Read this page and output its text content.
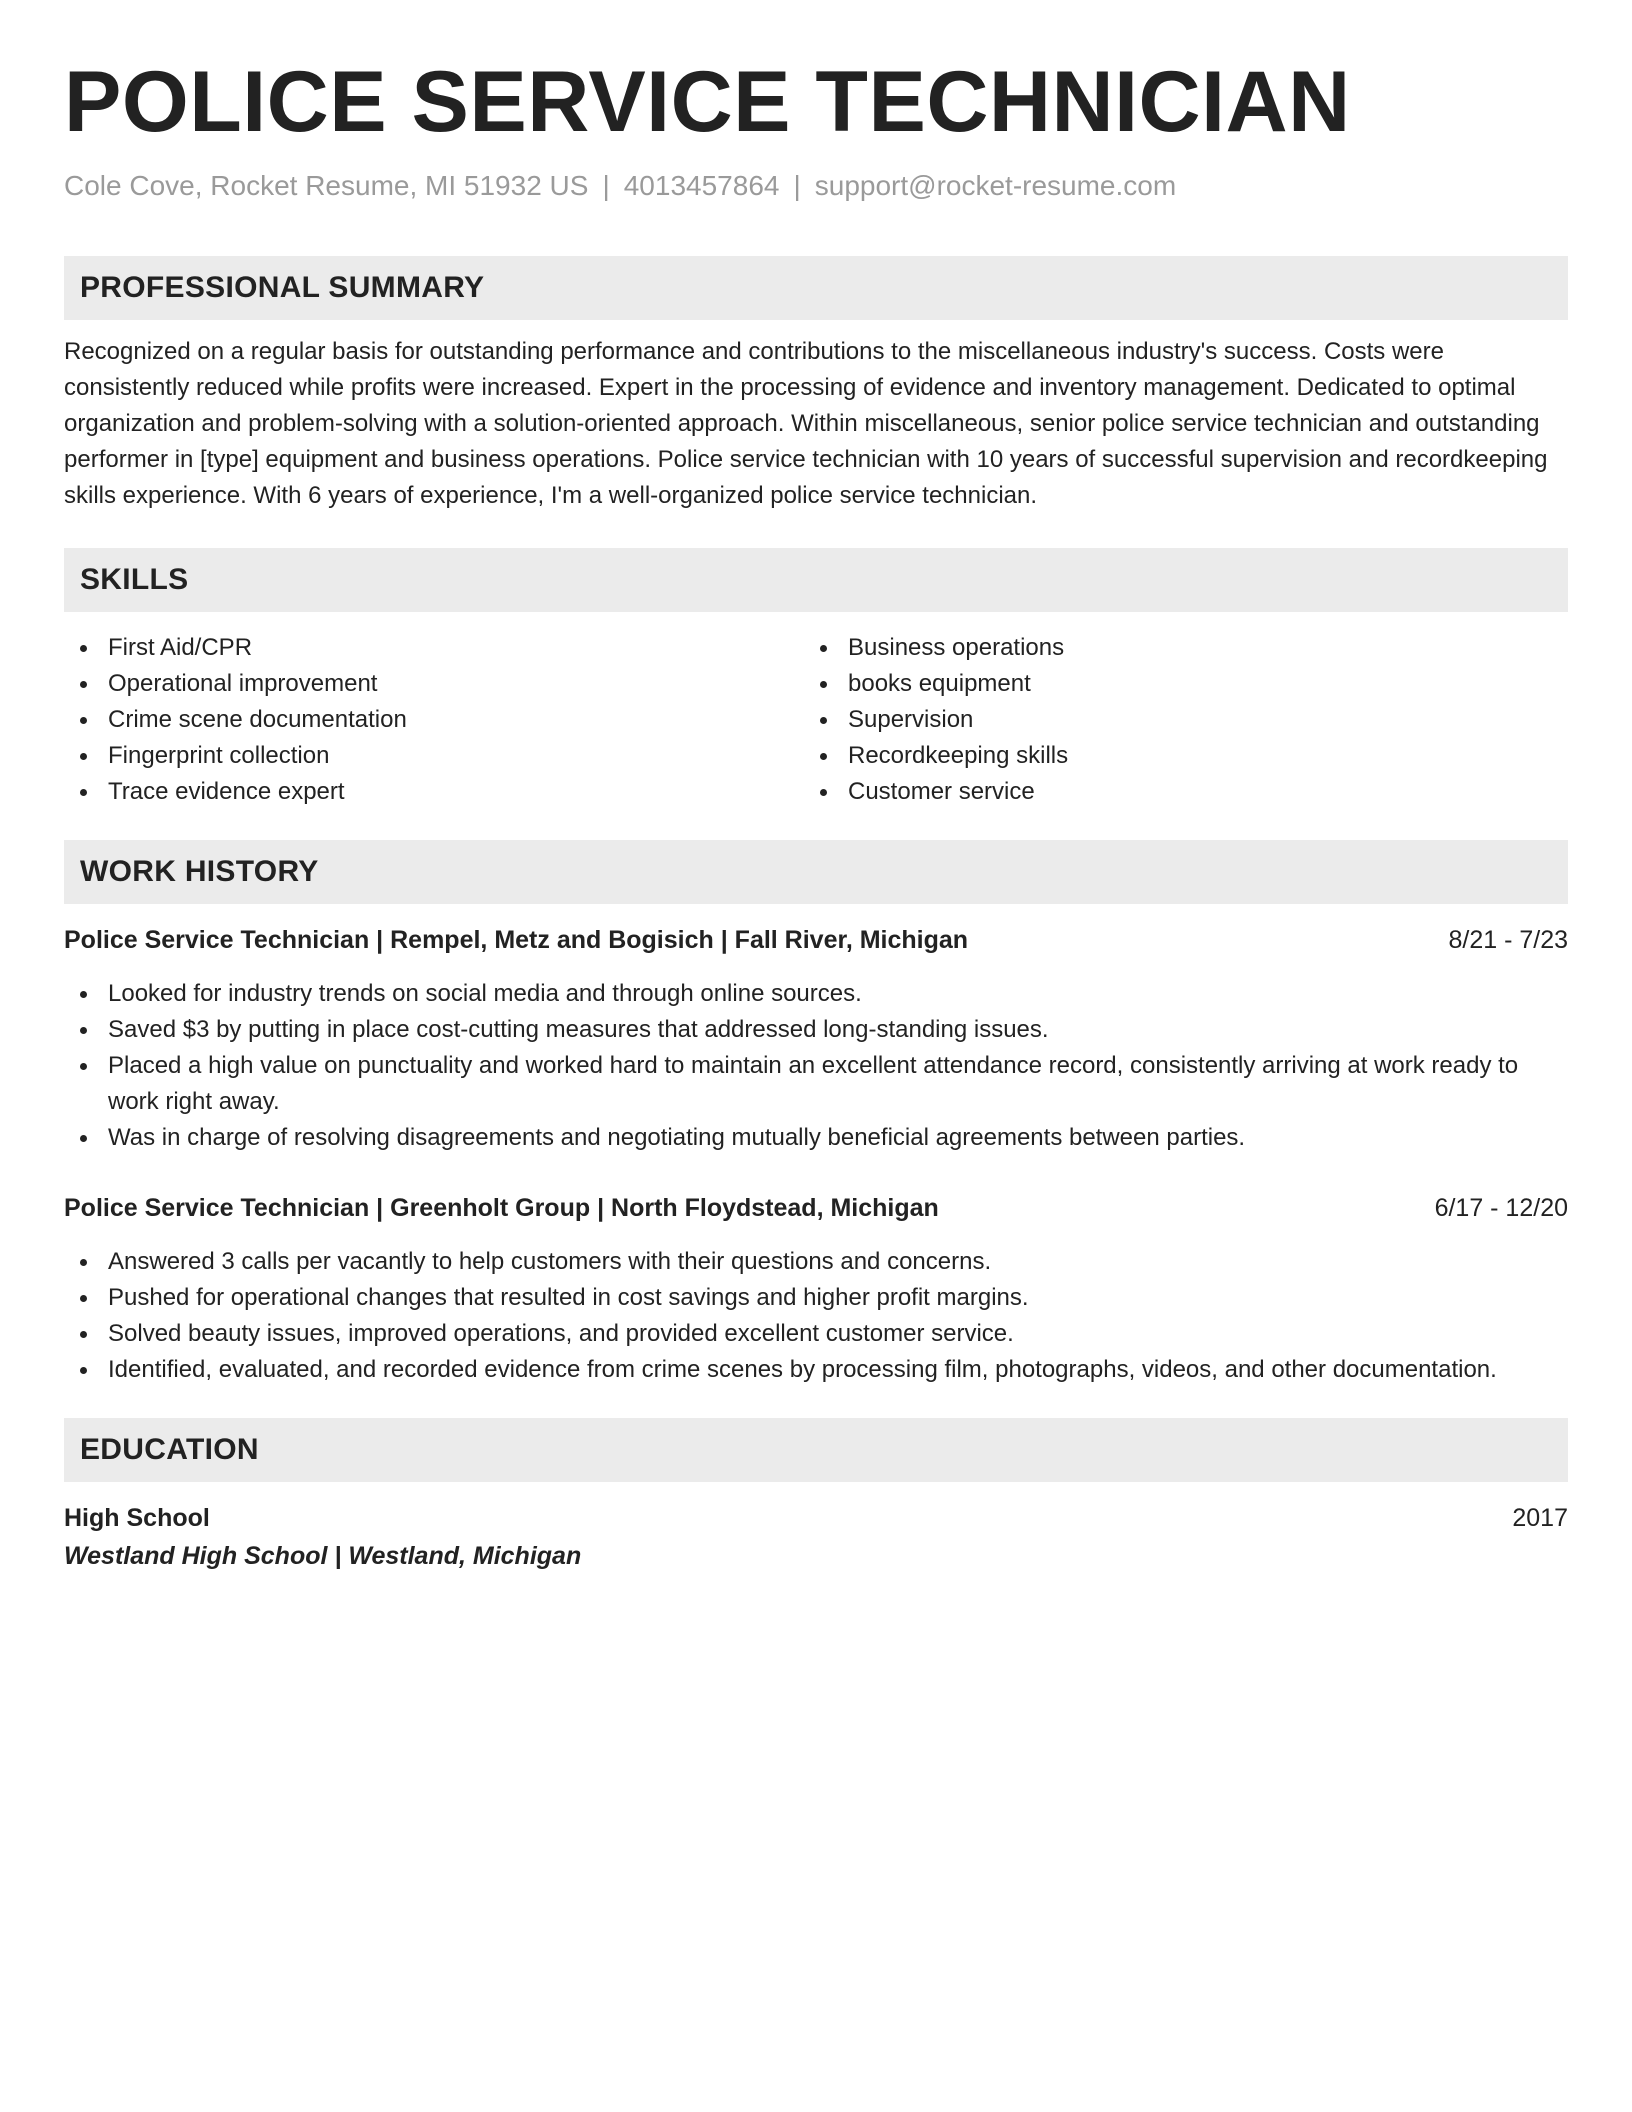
POLICE SERVICE TECHNICIAN
Cole Cove, Rocket Resume, MI 51932 US | 4013457864 | support@rocket-resume.com
PROFESSIONAL SUMMARY

Recognized on a regular basis for outstanding performance and contributions to the miscellaneous industry's success. Costs were consistently reduced while profits were increased. Expert in the processing of evidence and inventory management. Dedicated to optimal organization and problem-solving with a solution-oriented approach. Within miscellaneous, senior police service technician and outstanding performer in [type] equipment and business operations. Police service technician with 10 years of successful supervision and recordkeeping skills experience. With 6 years of experience, I'm a well-organized police service technician.

SKILLS
First Aid/CPR
Operational improvement
Crime scene documentation
Fingerprint collection
Trace evidence expert
Business operations
books equipment
Supervision
Recordkeeping skills
Customer service
WORK HISTORY
Police Service Technician | Rempel, Metz and Bogisich | Fall River, Michigan	8/21 - 7/23
Looked for industry trends on social media and through online sources.
Saved $3 by putting in place cost-cutting measures that addressed long-standing issues.
Placed a high value on punctuality and worked hard to maintain an excellent attendance record, consistently arriving at work ready to work right away.
Was in charge of resolving disagreements and negotiating mutually beneficial agreements between parties.
Police Service Technician | Greenholt Group | North Floydstead, Michigan	6/17 - 12/20
Answered 3 calls per vacantly to help customers with their questions and concerns.
Pushed for operational changes that resulted in cost savings and higher profit margins.
Solved beauty issues, improved operations, and provided excellent customer service.
Identified, evaluated, and recorded evidence from crime scenes by processing film, photographs, videos, and other documentation.
EDUCATION
High School	2017
Westland High School | Westland, Michigan
